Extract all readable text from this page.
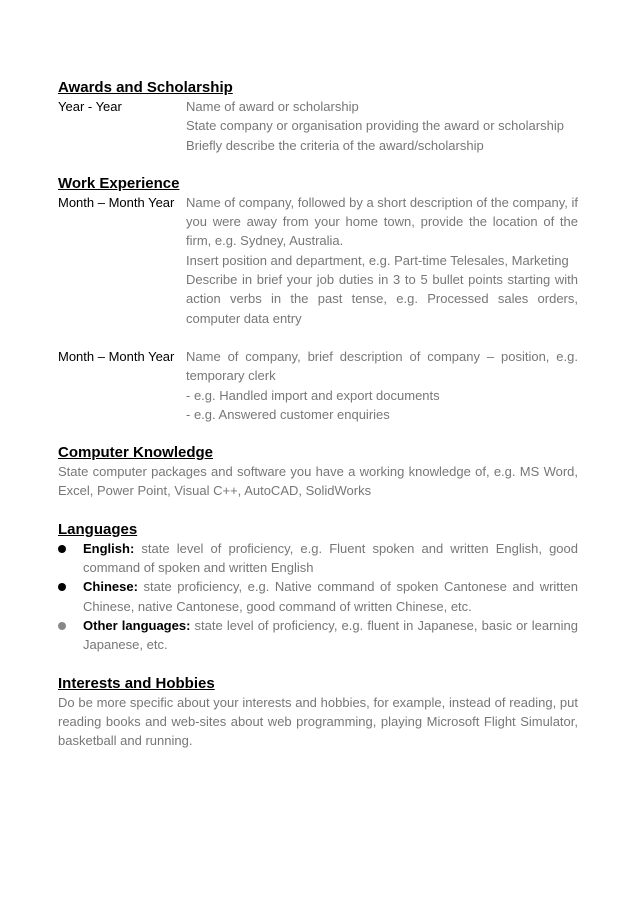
Awards and Scholarship
Year - Year	Name of award or scholarship

State company or organisation providing the award or scholarship

Briefly describe the criteria of the award/scholarship

Work Experience
Month – Month Year Name of company, followed by a short description of the company, if you were away from your home town, provide the location of the firm, e.g. Sydney, Australia.

Insert position and department, e.g. Part-time Telesales, Marketing

Describe in brief your job duties in 3 to 5 bullet points starting with action verbs in the past tense, e.g. Processed sales orders, computer data entry

Month – Month Year Name of company, brief description of company – position, e.g. temporary clerk

- e.g. Handled import and export documents

- e.g. Answered customer enquiries

Computer Knowledge

State computer packages and software you have a working knowledge of, e.g. MS Word, Excel, Power Point, Visual C++, AutoCAD, SolidWorks

Languages
English: state level of proficiency, e.g. Fluent spoken and written English, good command of spoken and written English
Chinese: state proficiency, e.g. Native command of spoken Cantonese and written Chinese, native Cantonese, good command of written Chinese, etc.
Other languages: state level of proficiency, e.g. fluent in Japanese, basic or learning Japanese, etc.
Interests and Hobbies

Do be more specific about your interests and hobbies, for example, instead of reading, put reading books and web-sites about web programming, playing Microsoft Flight Simulator, basketball and running.
